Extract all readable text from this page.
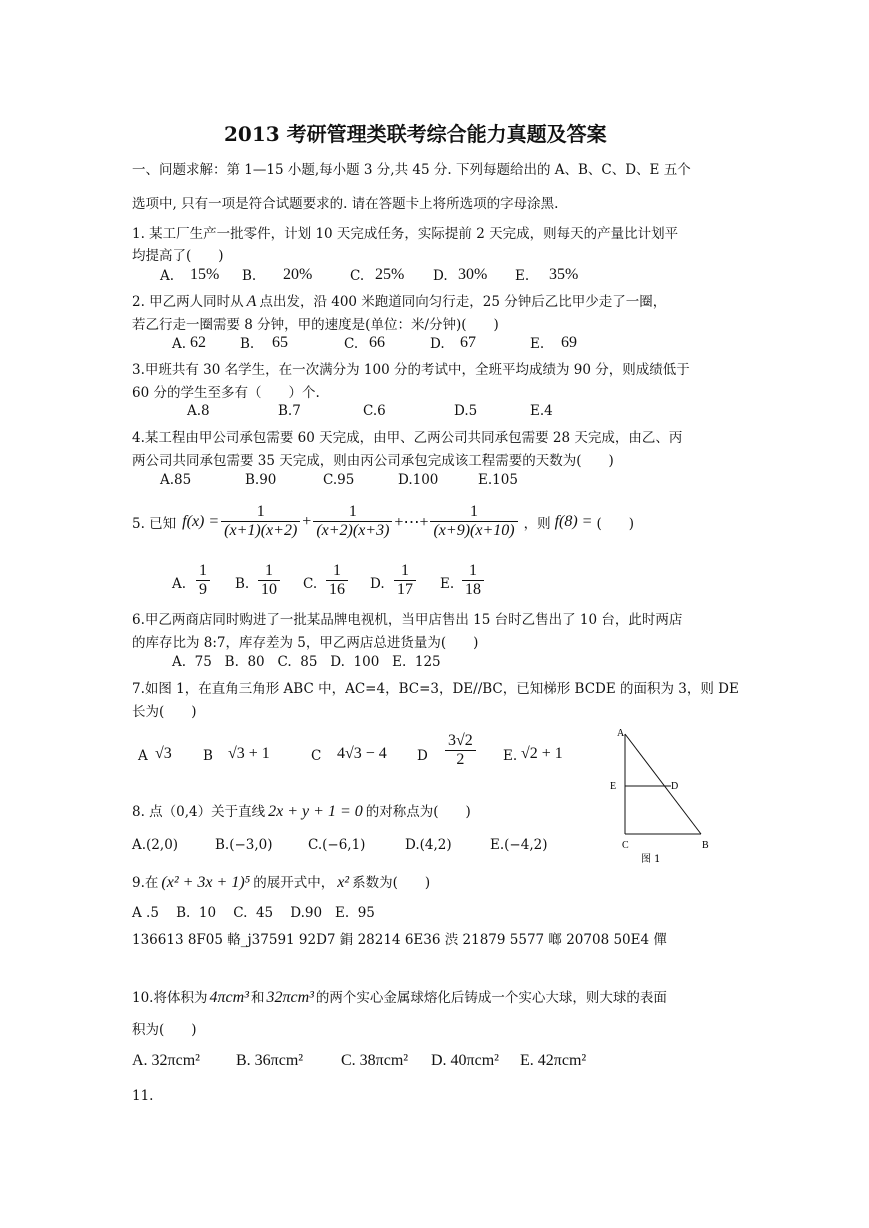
2013 考研管理类联考综合能力真题及答案
一、问题求解：第 1—15 小题,每小题 3 分,共 45 分. 下列每题给出的 A、B、C、D、E 五个
选项中, 只有一项是符合试题要求的. 请在答题卡上将所选项的字母涂黑.
1. 某工厂生产一批零件，计划 10 天完成任务，实际提前 2 天完成，则每天的产量比计划平
均提高了(　　)
A. 15% B. 20%	C. 25% D. 30% E. 35%
2. 甲乙两人同时从 A 点出发，沿 400 米跑道同向匀行走，25 分钟后乙比甲少走了一圈，
若乙行走一圈需要 8 分钟，甲的速度是(单位：米/分钟)(　　)
A. 62	B. 65	C. 66	D. 67	E. 69
3.甲班共有 30 名学生，在一次满分为 100 分的考试中，全班平均成绩为 90 分，则成绩低于
60 分的学生至多有（　　）个.
A.8	B.7	C.6	D.5	E.4
4.某工程由甲公司承包需要 60 天完成，由甲、乙两公司共同承包需要 28 天完成，由乙、丙
两公司共同承包需要 35 天完成，则由丙公司承包完成该工程需要的天数为(　　)
A.85	B.90	C.95	D.100	E.105
5. 已知 $f(x) = \frac{1}{(x+1)(x+2)} + \frac{1}{(x+2)(x+3)}$ +⋯+ $\frac{1}{(x+9)(x+10)}$ ，则 f(8) = (　　)
A. $\frac{1}{9} B$. $\frac{1}{10} C$. $\frac{1}{16} D$. $\frac{1}{17} E$. $\frac{1}{18}$
6.甲乙两商店同时购进了一批某品牌电视机，当甲店售出 15 台时乙售出了 10 台，此时两店
的库存比为 8:7，库存差为 5，甲乙两店总进货量为(　　)
A.  75   B.  80   C.  85   D.  100   E.  125
7.如图 1，在直角三角形 ABC 中，AC=4，BC=3，DE//BC，已知梯形 BCDE 的面积为 3，则 DE
长为(　　)
A √3 B √3 + 1	C 4√3 − 4 D $\frac{3√2}{2} E$. √2 + 1
A
B
C
D
E
图 1
8. 点（0,4）关于直线 2x + y + 1 = 0 的对称点为(　　)
A.(2,0)	B.(−3,0)	C.(−6,1)	D.(4,2)	E.(−4,2)
9.在 (x² + 3x + 1)⁵ 的展开式中， x² 系数为(　　)
A .5    B.  10    C.  45    D.90   E.  95
136613 8F05 輅_j37591 92D7 鋗 28214 6E36 渋 21879 5577 啷 20708 50E4 僤
10.将体积为 4πcm³ 和 32πcm³ 的两个实心金属球熔化后铸成一个实心大球，则大球的表面
积为(　　)
A. 32πcm² B. 36πcm² C. 38πcm² D. 40πcm² E. 42πcm²
11.
